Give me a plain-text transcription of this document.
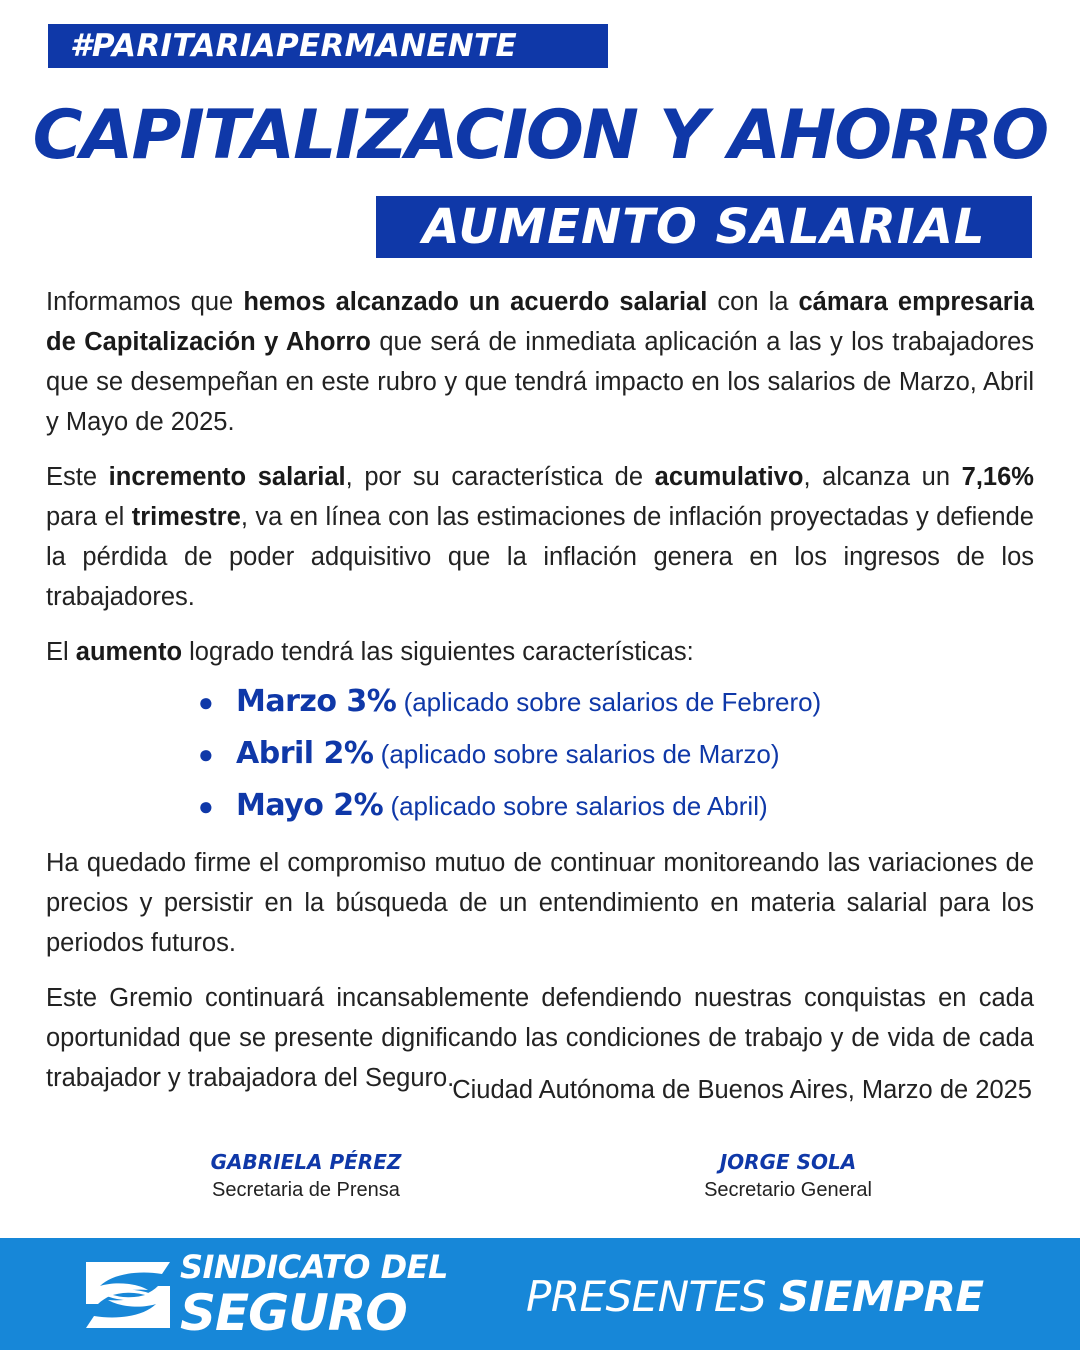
#PARITARIAPERMANENTE
CAPITALIZACION Y AHORRO
AUMENTO SALARIAL

Informamos que hemos alcanzado un acuerdo salarial con la cámara empresaria de Capitalización y Ahorro que será de inmediata aplicación a las y los trabajadores que se desempeñan en este rubro y que tendrá impacto en los salarios de Marzo, Abril y Mayo de 2025.

Este incremento salarial, por su característica de acumulativo, alcanza un 7,16% para el trimestre, va en línea con las estimaciones de inflación proyectadas y defiende la pérdida de poder adquisitivo que la inflación genera en los ingresos de los trabajadores.

El aumento logrado tendrá las siguientes características:

● Marzo 3% (aplicado sobre salarios de Febrero)
● Abril 2% (aplicado sobre salarios de Marzo)
● Mayo 2% (aplicado sobre salarios de Abril)

Ha quedado firme el compromiso mutuo de continuar monitoreando las variaciones de precios y persistir en la búsqueda de un entendimiento en materia salarial para los periodos futuros.

Este Gremio continuará incansablemente defendiendo nuestras conquistas en cada oportunidad que se presente dignificando las condiciones de trabajo y de vida de cada trabajador y trabajadora del Seguro.

Ciudad Autónoma de Buenos Aires, Marzo de 2025
GABRIELA PÉREZ
Secretaria de Prensa
JORGE SOLA
Secretario General
SINDICATO DEL
SEGURO	PRESENTES SIEMPRE
